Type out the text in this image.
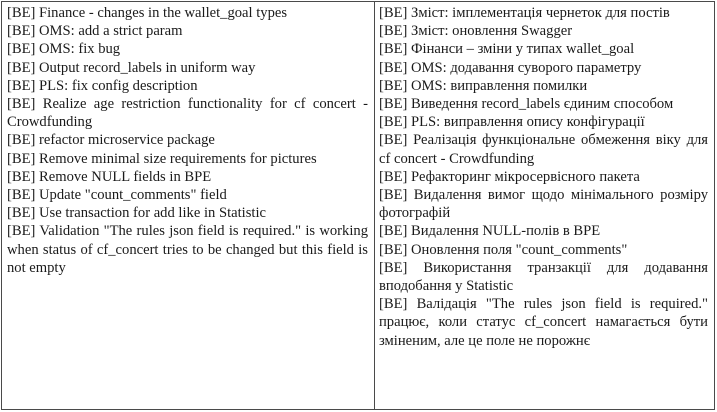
[BE] Finance - changes in the wallet_goal types

[BE] OMS: add a strict param

[BE] OMS: fix bug

[BE] Output record_labels in uniform way

[BE] PLS: fix config description

[BE] Realize age restriction functionality for cf concert - Crowdfunding

[BE] refactor microservice package

[BE] Remove minimal size requirements for pictures

[BE] Remove NULL fields in BPE

[BE] Update "count_comments" field

[BE] Use transaction for add like in Statistic

[BE] Validation "The rules json field is required." is working when status of cf_concert tries to be changed but this field is not empty

[BE] Зміст: імплементація чернеток для постів

[BE] Зміст: оновлення Swagger

[BE] Фінанси – зміни у типах wallet_goal

[BE] OMS: додавання суворого параметру

[BE] OMS: виправлення помилки

[BE] Виведення record_labels єдиним способом

[BE] PLS: виправлення опису конфігурації

[BE] Реалізація функціональне обмеження віку для cf concert - Crowdfunding

[BE] Рефакторинг мікросервісного пакета

[BE] Видалення вимог щодо мінімального розміру фотографій

[BE] Видалення NULL-полів в BPE

[BE] Оновлення поля "count_comments"

[BE] Використання транзакції для додавання вподобання у Statistic

[BE] Валідація "The rules json field is required." працює, коли статус cf_concert намагається бути зміненим, але це поле не порожнє
